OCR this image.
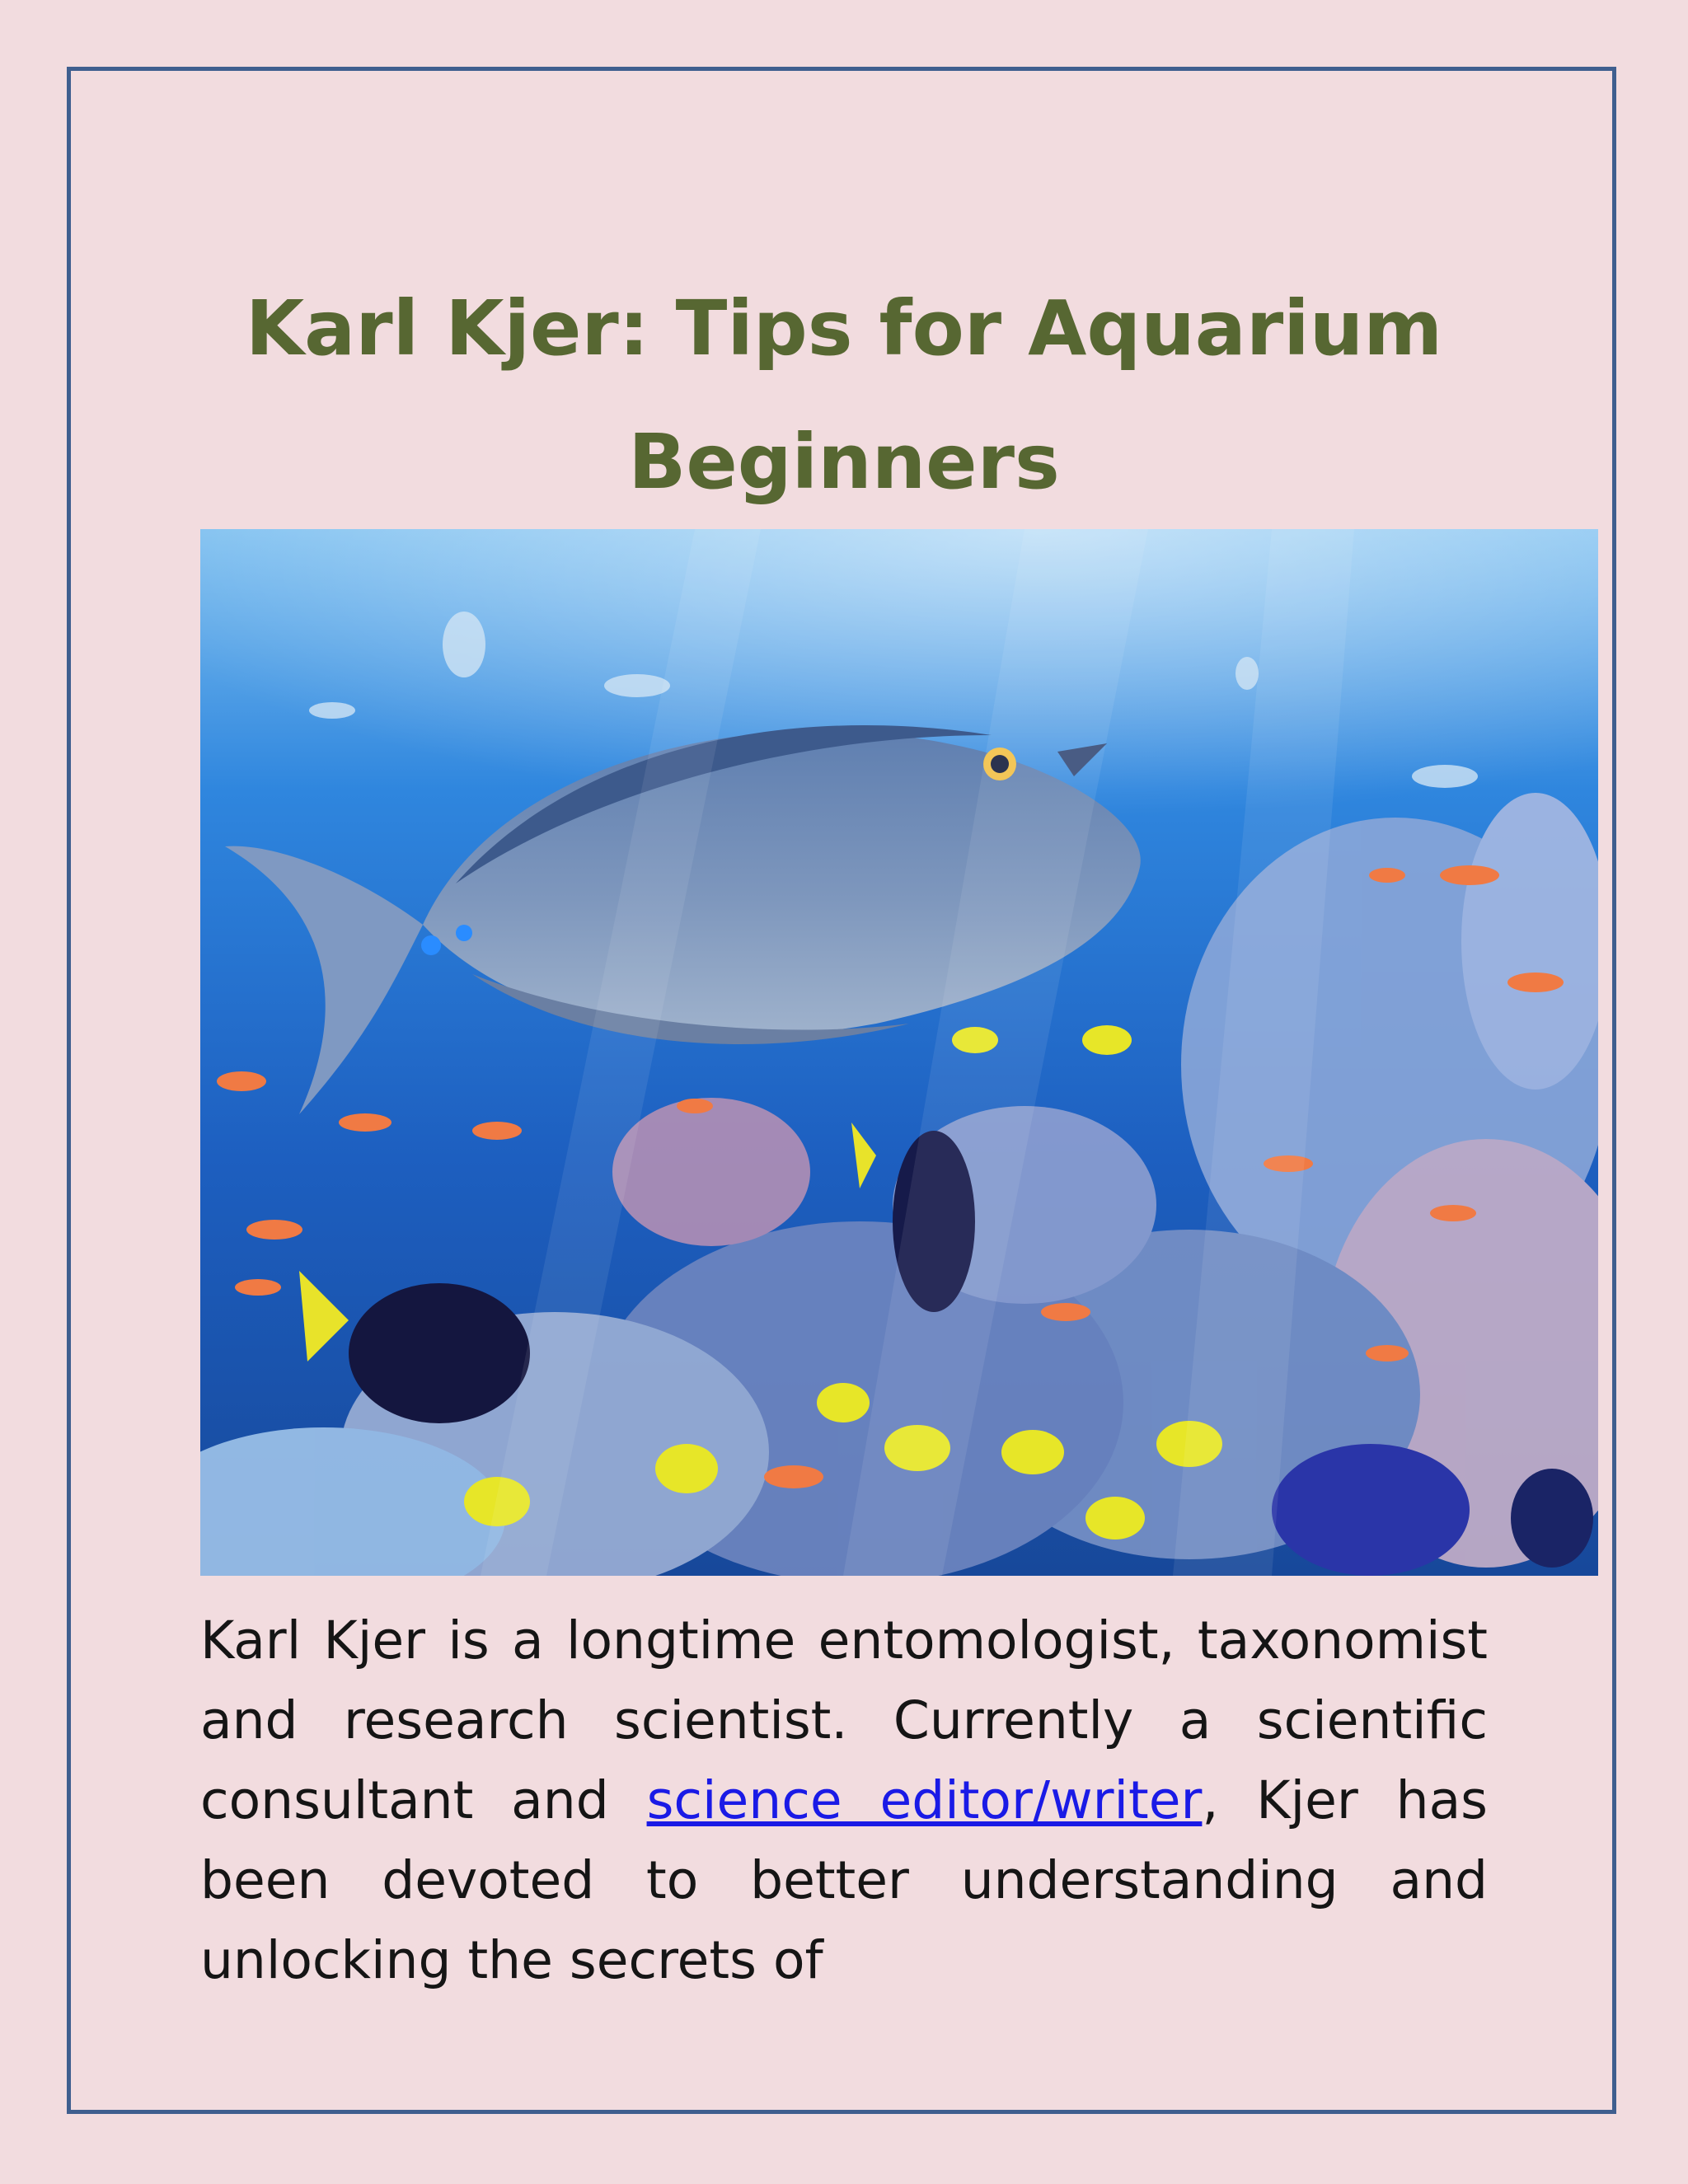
Karl Kjer: Tips for Aquarium Beginners

Karl Kjer is a longtime entomologist, taxonomist and research scientist. Currently a scientific consultant and science editor/writer, Kjer has been devoted to better understanding and unlocking the secrets of
